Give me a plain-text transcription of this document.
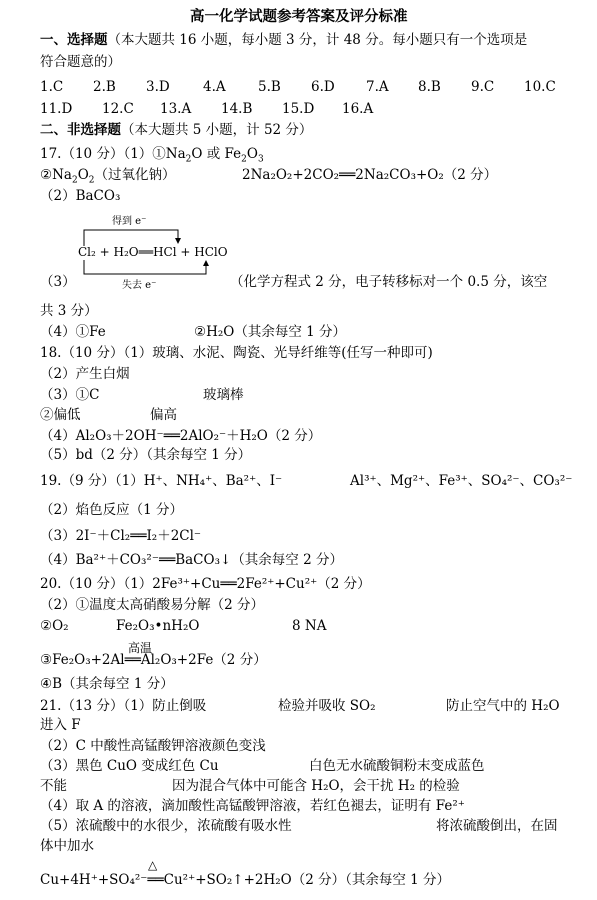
高一化学试题参考答案及评分标准
一、选择题（本大题共 16 小题，每小题 3 分，计 48 分。每小题只有一个选项是
符合题意的）
1.C 2.B 3.D 4.A 5.B 6.D 7.A 8.B 9.C 10.C
11.D 12.C 13.A 14.B 15.D 16.A
二、非选择题（本大题共 5 小题，计 52 分）
17.（10 分）$(1)①Na_2O$ 或 $Fe_2O_3$
$②Na_2O_2$（过氧化钠）	2Na₂O₂+2CO₂══2Na₂CO₃+O₂（2 分）
（2）BaCO₃
得到 e⁻
Cl₂ + H₂O══HCl + HClO
失去 e⁻
（3）	（化学方程式 2 分，电子转移标对一个 0.5 分，该空
共 3 分）
（4）①Fe	②H₂O（其余每空 1 分）
18.（10 分）（1）玻璃、水泥、陶瓷、光导纤维等(任写一种即可)
（2）产生白烟
（3）①C	玻璃棒
②偏低	偏高
（4）Al₂O₃＋2OH⁻══2AlO₂⁻＋H₂O（2 分）
（5）bd（2 分）（其余每空 1 分）
19.（9 分）（1）H⁺、NH₄⁺、Ba²⁺、I⁻	Al³⁺、Mg²⁺、Fe³⁺、SO₄²⁻、CO₃²⁻
（2）焰色反应（1 分）
（3）2I⁻＋Cl₂══I₂＋2Cl⁻
（4）Ba²⁺＋CO₃²⁻══BaCO₃↓（其余每空 2 分）
20.（10 分）（1）2Fe³⁺+Cu══2Fe²⁺+Cu²⁺（2 分）
（2）①温度太高硝酸易分解（2 分）
②O₂	Fe₂O₃•nH₂O	8 NA
高温
③Fe₂O₃+2Al══Al₂O₃+2Fe（2 分）
④B（其余每空 1 分）
21.（13 分）（1）防止倒吸	检验并吸收 SO₂	防止空气中的 H₂O
进入 F
（2）C 中酸性高锰酸钾溶液颜色变浅
（3）黑色 CuO 变成红色 Cu	白色无水硫酸铜粉末变成蓝色
不能	因为混合气体中可能含 H₂O，会干扰 H₂ 的检验
（4）取 A 的溶液，滴加酸性高锰酸钾溶液，若红色褪去，证明有 Fe²⁺
（5）浓硫酸中的水很少，浓硫酸有吸水性	将浓硫酸倒出，在固
体中加水
△
Cu+4H⁺+SO₄²⁻══Cu²⁺+SO₂↑+2H₂O（2 分）（其余每空 1 分）
